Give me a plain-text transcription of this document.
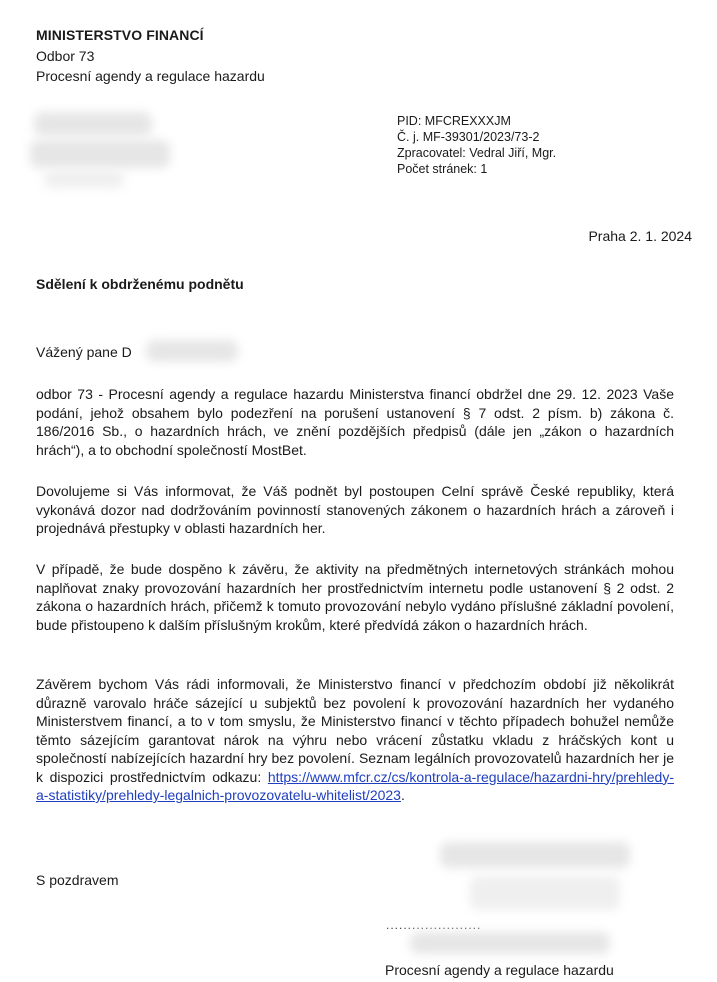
MINISTERSTVO FINANCÍ
Odbor 73
Procesní agendy a regulace hazardu
PID: MFCREXXXJM
Č. j. MF-39301/2023/73-2
Zpracovatel: Vedral Jiří, Mgr.
Počet stránek: 1
Praha 2. 1. 2024
Sdělení k obdrženému podnětu
Vážený pane D
odbor 73 - Procesní agendy a regulace hazardu Ministerstva financí obdržel dne 29. 12. 2023 Vaše podání, jehož obsahem bylo podezření na porušení ustanovení § 7 odst. 2 písm. b) zákona č. 186/2016 Sb., o hazardních hrách, ve znění pozdějších předpisů (dále jen „zákon o hazardních hrách“), a to obchodní společností MostBet.
Dovolujeme si Vás informovat, že Váš podnět byl postoupen Celní správě České republiky, která vykonává dozor nad dodržováním povinností stanovených zákonem o hazardních hrách a zároveň i projednává přestupky v oblasti hazardních her.
V případě, že bude dospěno k závěru, že aktivity na předmětných internetových stránkách mohou naplňovat znaky provozování hazardních her prostřednictvím internetu podle ustanovení § 2 odst. 2 zákona o hazardních hrách, přičemž k tomuto provozování nebylo vydáno příslušné základní povolení, bude přistoupeno k dalším příslušným krokům, které předvídá zákon o hazardních hrách.
Závěrem bychom Vás rádi informovali, že Ministerstvo financí v předchozím období již několikrát důrazně varovalo hráče sázející u subjektů bez povolení k provozování hazardních her vydaného Ministerstvem financí, a to v tom smyslu, že Ministerstvo financí v těchto případech bohužel nemůže těmto sázejícím garantovat nárok na výhru nebo vrácení zůstatku vkladu z hráčských kont u společností nabízejících hazardní hry bez povolení. Seznam legálních provozovatelů hazardních her je k dispozici prostřednictvím odkazu: https://www.mfcr.cz/cs/kontrola-a-regulace/hazardni-hry/prehledy-a-statistiky/prehledy-legalnich-provozovatelu-whitelist/2023.
S pozdravem
......................
Procesní agendy a regulace hazardu
